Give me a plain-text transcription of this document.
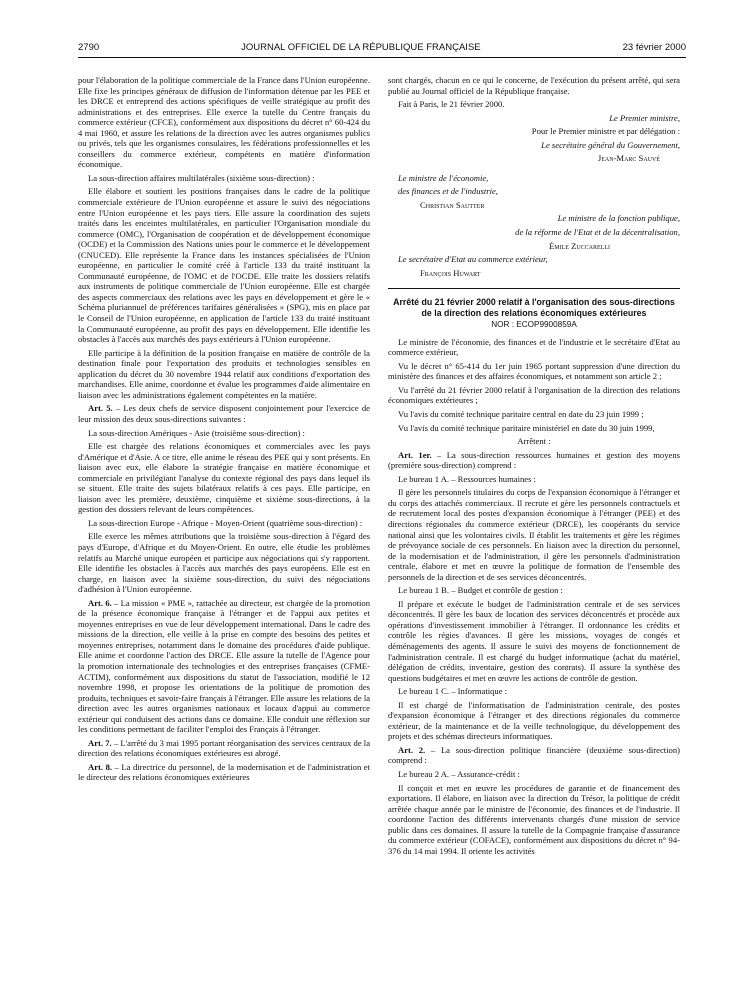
2790	JOURNAL OFFICIEL DE LA RÉPUBLIQUE FRANÇAISE	23 février 2000

pour l'élaboration de la politique commerciale de la France dans l'Union européenne. Elle fixe les principes généraux de diffusion de l'information détenue par les PEE et les DRCE et entreprend des actions spécifiques de veille stratégique au profit des administrations et des entreprises. Elle exerce la tutelle du Centre français du commerce extérieur (CFCE), conformément aux dispositions du décret n° 60-424 du 4 mai 1960, et assure les relations de la direction avec les autres organismes publics ou privés, tels que les organismes consulaires, les fédérations professionnelles et les conseillers du commerce extérieur, compétents en matière d'information économique.

La sous-direction affaires multilatérales (sixième sous-direction) :

Elle élabore et soutient les positions françaises dans le cadre de la politique commerciale extérieure de l'Union européenne et assure le suivi des négociations entre l'Union européenne et les pays tiers. Elle assure la coordination des sujets traités dans les enceintes multilatérales, en particulier l'Organisation mondiale du commerce (OMC), l'Organisation de coopération et de développement économique (OCDE) et la Commission des Nations unies pour le commerce et le développement (CNUCED). Elle représente la France dans les instances spécialisées de l'Union européenne, en particulier le comité créé à l'article 133 du traité instituant la Communauté européenne, de l'OMC et de l'OCDE. Elle traite les dossiers relatifs aux instruments de politique commerciale de l'Union européenne. Elle est chargée des aspects commerciaux des relations avec les pays en développement et gère le « Schéma plurіannuel de préférences tarifaires généralisées » (SPG), mis en place par le Conseil de l'Union européenne, en application de l'article 133 du traité instituant la Communauté européenne, au profit des pays en développement. Elle identifie les obstacles à l'accès aux marchés des pays extérieurs à l'Union européenne.

Elle participe à la définition de la position française en matière de contrôle de la destination finale pour l'exportation des produits et technologies sensibles en application du décret du 30 novembre 1944 relatif aux conditions d'exportation des marchandises. Elle anime, coordonne et évalue les programmes d'aide alimentaire en liaison avec les administrations également compétentes en la matière.

Art. 5. – Les deux chefs de service disposent conjointement pour l'exercice de leur mission des deux sous-directions suivantes :

La sous-direction Amériques - Asie (troisième sous-direction) :

Elle est chargée des relations économiques et commerciales avec les pays d'Amérique et d'Asie. A ce titre, elle anime le réseau des PEE qui y sont présents. En liaison avec eux, elle élabore la stratégie française en matière économique et commerciale en privilégiant l'analyse du contexte régional des pays dans lequel ils se situent. Elle traite des sujets bilatéraux relatifs à ces pays. Elle participe, en liaison avec les première, deuxième, cinquième et sixième sous-directions, à la gestion des dossiers relevant de leurs compétences.

La sous-direction Europe - Afrique - Moyen-Orient (quatrième sous-direction) :

Elle exerce les mêmes attributions que la troisième sous-direction à l'égard des pays d'Europe, d'Afrique et du Moyen-Orient. En outre, elle étudie les problèmes relatifs au Marché unique européen et participe aux négociations qui s'y rapportent. Elle identifie les obstacles à l'accès aux marchés des pays européens. Elle est en charge, en liaison avec la sixième sous-direction, du suivi des négociations d'adhésion à l'Union européenne.

Art. 6. – La mission « PME », rattachée au directeur, est chargée de la promotion de la présence économique française à l'étranger et de l'appui aux petites et moyennes entreprises en vue de leur développement international. Dans le cadre des missions de la direction, elle veille à la prise en compte des besoins des petites et moyennes entreprises, notamment dans le domaine des procédures d'aide publique. Elle anime et coordonne l'action des DRCE. Elle assure la tutelle de l'Agence pour la promotion internationale des technologies et des entreprises françaises (CFME-ACTIM), conformément aux dispositions du statut de l'association, modifié le 12 novembre 1998, et propose les orientations de la politique de promotion des produits, techniques et savoir-faire français à l'étranger. Elle assure les relations de la direction avec les autres organismes nationaux et locaux d'appui au commerce extérieur qui conduisent des actions dans ce domaine. Elle conduit une réflexion sur les conditions permettant de faciliter l'emploi des Français à l'étranger.

Art. 7. – L'arrêté du 3 mai 1995 portant réorganisation des services centraux de la direction des relations économiques extérieures est abrogé.

Art. 8. – La directrice du personnel, de la modernisation et de l'administration et le directeur des relations économiques extérieures

sont chargés, chacun en ce qui le concerne, de l'exécution du présent arrêté, qui sera publié au Journal officiel de la République française.

Fait à Paris, le 21 février 2000.

Le Premier ministre,

Pour le Premier ministre et par délégation :

Le secrétaire général du Gouvernement,

Jean-Marc Sauvé

Le ministre de l'économie,

des finances et de l'industrie,

Christian Sautter

Le ministre de la fonction publique,

de la réforme de l'Etat et de la décentralisation,

Émile Zuccarelli

Le secrétaire d'Etat au commerce extérieur,

François Huwart

Arrêté du 21 février 2000 relatif à l'organisation des sous-directions de la direction des relations économiques extérieures
NOR : ECOP9900859A

Le ministre de l'économie, des finances et de l'industrie et le secrétaire d'Etat au commerce extérieur,

Vu le décret n° 65-414 du 1er juin 1965 portant suppression d'une direction du ministère des finances et des affaires économiques, et notamment son article 2 ;

Vu l'arrêté du 21 février 2000 relatif à l'organisation de la direction des relations économiques extérieures ;

Vu l'avis du comité technique paritaire central en date du 23 juin 1999 ;

Vu l'avis du comité technique paritaire ministériel en date du 30 juin 1999,

Arrêtent :

Art. 1er. – La sous-direction ressources humaines et gestion des moyens (première sous-direction) comprend :

Le bureau 1 A. – Ressources humaines :

Il gère les personnels titulaires du corps de l'expansion économique à l'étranger et du corps des attachés commerciaux. Il recrute et gère les personnels contractuels et de recrutement local des postes d'expansion économique à l'étranger (PEE) et des directions régionales du commerce extérieur (DRCE), les coopérants du service national ainsi que les volontaires civils. Il établit les traitements et gère les régimes de prévoyance sociale de ces personnels. En liaison avec la direction du personnel, de la modernisation et de l'administration, il gère les personnels d'administration centrale, élabore et met en œuvre la politique de formation de l'ensemble des personnels de la direction et de ses services déconcentrés.

Le bureau 1 B. – Budget et contrôle de gestion :

Il prépare et exécute le budget de l'administration centrale et de ses services déconcentrés. Il gère les baux de location des services déconcentrés et procède aux opérations d'investissement immobilier à l'étranger. Il ordonnance les crédits et contrôle les régies d'avances. Il gère les missions, voyages de congés et déménagements des agents. Il assure le suivi des moyens de fonctionnement de l'administration centrale. Il est chargé du budget informatique (achat du matériel, délégation de crédits, inventaire, gestion des contrats). Il assure la synthèse des questions budgétaires et met en œuvre les actions de contrôle de gestion.

Le bureau 1 C. – Informatique :

Il est chargé de l'informatisation de l'administration centrale, des postes d'expansion économique à l'étranger et des directions régionales du commerce extérieur, de la maintenance et de la veille technologique, du développement des projets et des schémas directeurs informatiques.

Art. 2. – La sous-direction politique financière (deuxième sous-direction) comprend :

Le bureau 2 A. – Assurance-crédit :

Il conçoit et met en œuvre les procédures de garantie et de financement des exportations. Il élabore, en liaison avec la direction du Trésor, la politique de crédit arrêtée chaque année par le ministre de l'économie, des finances et de l'industrie. Il coordonne l'action des différents intervenants chargés d'une mission de service public dans ces domaines. Il assure la tutelle de la Compagnie française d'assurance du commerce extérieur (COFACE), conformément aux dispositions du décret n° 94-376 du 14 mai 1994. Il oriente les activités
